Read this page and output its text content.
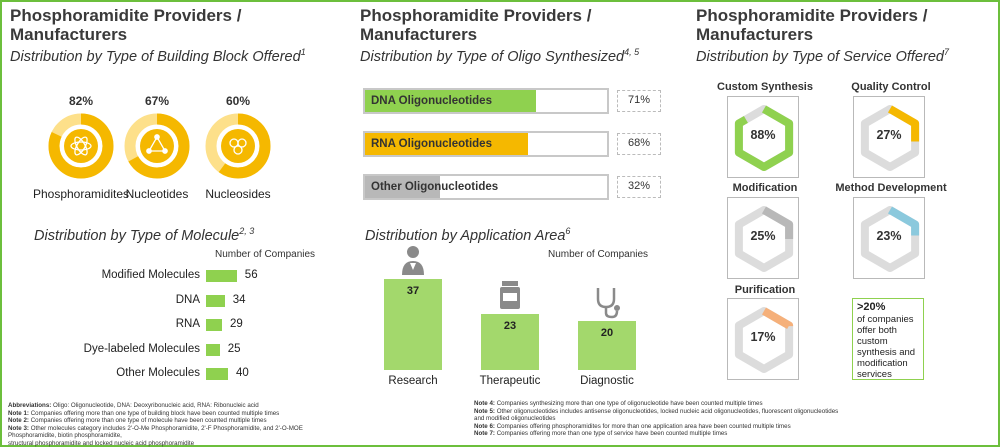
Phosphoramidite Providers /
Manufacturers
Distribution by Type of Building Block Offered$^1$
82%
Phosphoramidites
67%
Nucleotides
60%
Nucleosides
Distribution by Type of Molecule$^{2, 3}$
Number of Companies
Modified Molecules	56
DNA	34
RNA	29
Dye-labeled Molecules 25
Other Molecules	40
Abbreviations: Oligo: Oligonucleotide, DNA: Deoxyribonucleic acid, RNA: Ribonucleic acid
Note 1: Companies offering more than one type of building block have been counted multiple times
Note 2: Companies offering more than one type of molecule have been counted multiple times
Note 3: Other molecules category includes 2'-O-Me Phosphoramidite, 2'-F Phosphoramidite, and 2'-O-MOE Phosphoramidite, biotin phosphoramidite,
structural phosphoramidite and locked nucleic acid phosphoramidite
Phosphoramidite Providers /
Manufacturers
Distribution by Type of Oligo Synthesized$^{4, 5}$
DNA Oligonucleotides	71%
RNA Oligonucleotides	68%
Other Oligonucleotides	32%
Distribution by Application Area$^6$
Number of Companies
37
Research
23
Therapeutic
20
Diagnostic
Note 4: Companies synthesizing more than one type of oligonucleotide have been counted multiple times
Note 5: Other oligonucleotides includes antisense oligonucleotides, locked nucleic acid oligonucleotides, fluorescent oligonucleotides
and modified oligonucleotides
Note 6: Companies offering phosphoramidites for more than one application area have been counted multiple times
Note 7: Companies offering more than one type of service have been counted multiple times
Phosphoramidite Providers /
Manufacturers
Distribution by Type of Service Offered$^7$
Custom Synthesis
88%
Quality Control
27%
Modification
25%
Method Development
23%
Purification
17%
>20%
of companies offer both custom synthesis and modification services
